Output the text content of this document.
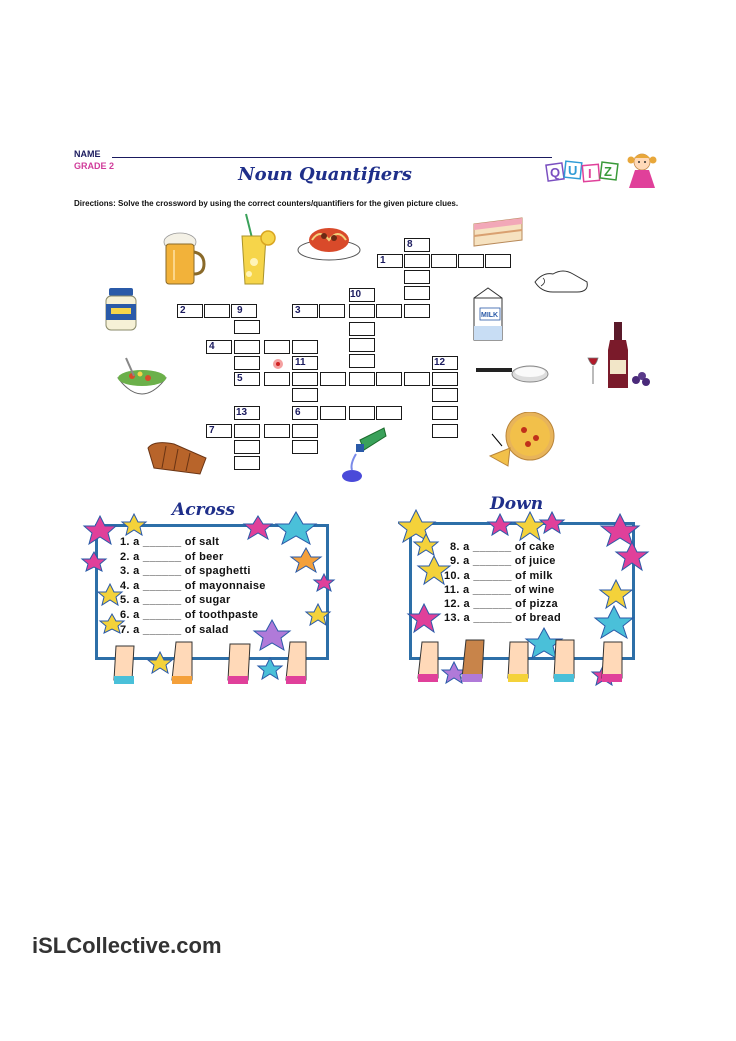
NAME
GRADE 2	Noun Quantifiers
Directions: Solve the crossword by using the correct counters/quantifiers for the given picture clues.
Q U I Z
1
2	3
4
5
6
7
8
9
10
11	12
13
MILK
Across
1. a ______ of salt
2. a ______ of beer
3. a ______ of spaghetti
4. a ______ of mayonnaise
5. a ______ of sugar
6. a ______ of toothpaste
7. a ______ of salad
Down
8. a ______ of cake
9. a ______ of juice
10. a ______ of milk
11. a ______ of wine
12. a ______ of pizza
13. a ______ of bread
iSLCollective.com
